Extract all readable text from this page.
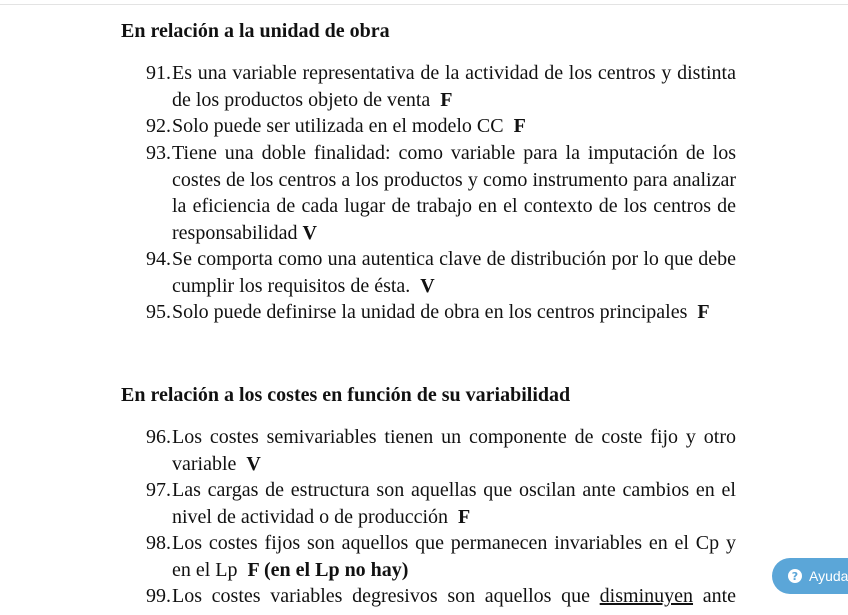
En relación a la unidad de obra
91. Es una variable representativa de la actividad de los centros y distinta de los productos objeto de venta F
92. Solo puede ser utilizada en el modelo CC F
93. Tiene una doble finalidad: como variable para la imputación de los costes de los centros a los productos y como instrumento para analizar la eficiencia de cada lugar de trabajo en el contexto de los centros de responsabilidad V
94. Se comporta como una autentica clave de distribución por lo que debe cumplir los requisitos de ésta. V
95. Solo puede definirse la unidad de obra en los centros principales F
En relación a los costes en función de su variabilidad
96. Los costes semivariables tienen un componente de coste fijo y otro variable V
97. Las cargas de estructura son aquellas que oscilan ante cambios en el nivel de actividad o de producción F
98. Los costes fijos son aquellos que permanecen invariables en el Cp y en el Lp F (en el Lp no hay)
99. Los costes variables degresivos son aquellos que disminuyen ante
? Ayuda
